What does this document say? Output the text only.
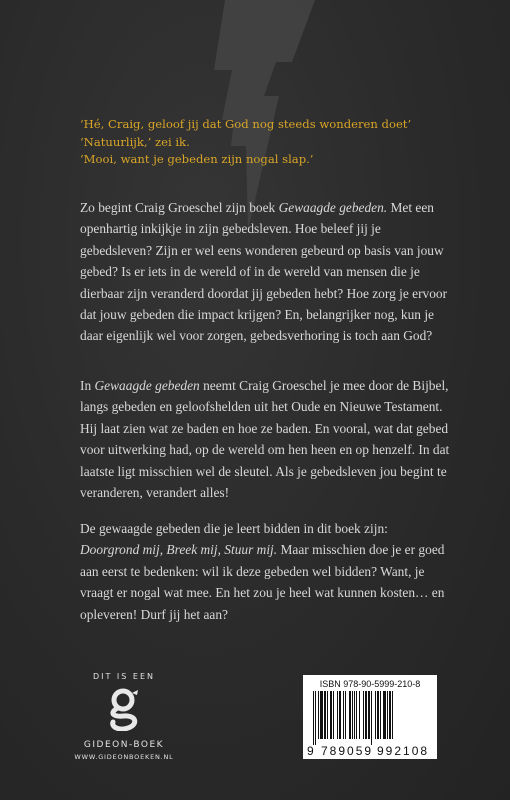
‘Hé, Craig, geloof jij dat God nog steeds wonderen doet’
‘Natuurlijk,’ zei ik.
‘Mooi, want je gebeden zijn nogal slap.’

Zo begint Craig Groeschel zijn boek Gewaagde gebeden. Met een openhartig inkijkje in zijn gebedsleven. Hoe beleef jij je gebedsleven? Zijn er wel eens wonderen gebeurd op basis van jouw gebed? Is er iets in de wereld of in de wereld van mensen die je dierbaar zijn veranderd doordat jij gebeden hebt? Hoe zorg je ervoor dat jouw gebeden die impact krijgen? En, belangrijker nog, kun je daar eigenlijk wel voor zorgen, gebedsverhoring is toch aan God?

In Gewaagde gebeden neemt Craig Groeschel je mee door de Bijbel, langs gebeden en geloofshelden uit het Oude en Nieuwe Testament. Hij laat zien wat ze baden en hoe ze baden. En vooral, wat dat gebed voor uitwerking had, op de wereld om hen heen en op henzelf. In dat laatste ligt misschien wel de sleutel. Als je gebedsleven jou begint te veranderen, verandert alles!

De gewaagde gebeden die je leert bidden in dit boek zijn: Doorgrond mij, Breek mij, Stuur mij. Maar misschien doe je er goed aan eerst te bedenken: wil ik deze gebeden wel bidden? Want, je vraagt er nogal wat mee. En het zou je heel wat kunnen kosten… en opleveren! Durf jij het aan?

DIT IS EEN
GIDEON-BOEK
WWW.GIDEONBOEKEN.NL
ISBN 978-90-5999-210-8
9 789059 992108
